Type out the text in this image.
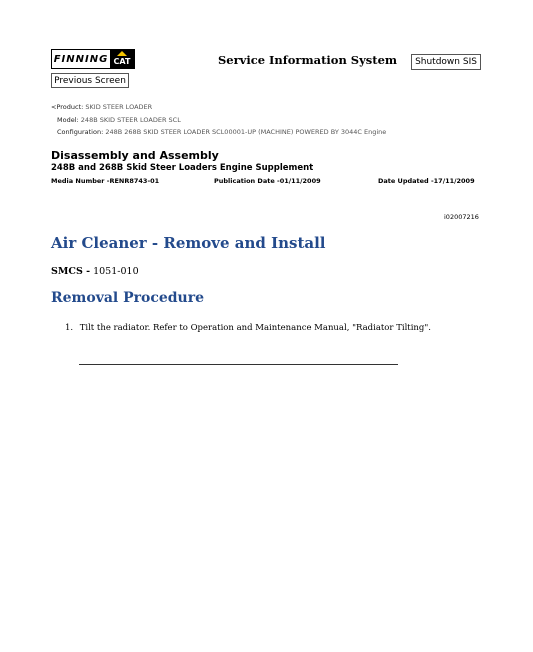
FINNING CAT
Previous Screen
Service Information System	Shutdown SIS
<Product: SKID STEER LOADER
Model: 248B SKID STEER LOADER SCL
Configuration: 248B 268B SKID STEER LOADER SCL00001-UP (MACHINE) POWERED BY 3044C Engine
Disassembly and Assembly
248B and 268B Skid Steer Loaders Engine Supplement
Media Number -RENR8743-01	Publication Date -01/11/2009	Date Updated -17/11/2009
i02007216
Air Cleaner - Remove and Install
SMCS - 1051-010
Removal Procedure
1. Tilt the radiator. Refer to Operation and Maintenance Manual, "Radiator Tilting".
